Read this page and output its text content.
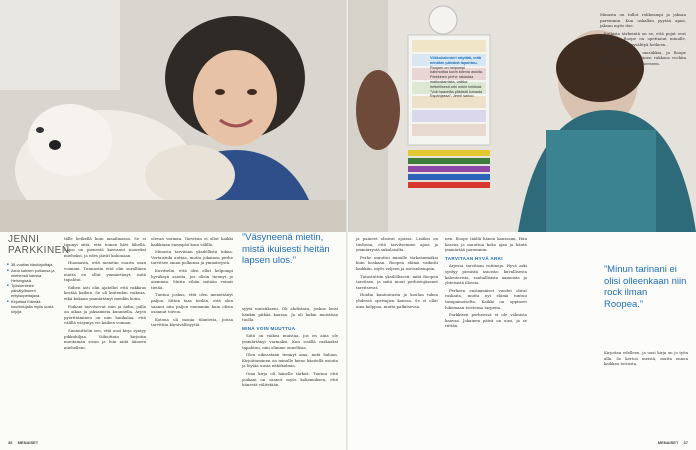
JENNI
PARKKINEN
■ 38-vuotias käsikirjoittaja.
■ Asuu kahden poikansa ja miehensä kanssa Helsingissä.
■ Työskentelee päivätyökseen erityisopettajana.
■ Kirjoittaa Elämää kuuntelujalla myös uusia kirjoja.

tälle hetkellä kuin maailmassa. Se ei tiennyt siitä, että toinen kävi lähellä. Lapsi on pienestä kasvanut nuoreksi mieheksi, ja edes jäivät kokonaan.

Huomasin, että menetin suurin osan voimani. Tunnustin että olin surullinen mutta en ollut ymmärtänyt, mitä tapahtui.

Siihen asti olin ajatellut että rakkaus kestää kaiken. Se oli kuitenkin vaikeaa, eikä kukaan ymmärtänyt meidän kotia.

Poikani tarvitsevat isän ja äidin, joilla on aikaa ja jaksamista kuunnella. Arjen pyörittäminen on niin hankalaa, että välillä väsymys vie kaiken voiman.

Suunnittelin sen, että uusi kirja syntyy pikkuhiljaa. Viikoittain kirjoitin muutaman sivun ja luin niitä ääneen miehelleni.

olevan varman. Tarvitsin ei ollut kaikki kaikkiaan enempää kuin välillä.

Minusta tarvitaan yksilöllistä tukea. Vertaistuki auttaa, mutta jokainen perhe tarvitsee oman polkunsa ja ymmärrystä.

Kuvittelin, että olisi ollut helpompi hyväksyä asioita, jos olisin tiennyt jo aiemmin. Mutta eihän mitään voinut tietää.

Tuntuu joskus, että olen menettänyt paljon. Sitten taas tiedän, että olen saanut niin paljon enemmän kuin olisin osannut toivoa.

Kotona oli monia tilanteita, joissa tarvittiin kärsivällisyyttä.

”Väsyneenä mietin, mistä ikuisesti heitän lapsen ulos.”

syytä muistikseni. Oli ahdistava, joskus lensi hänkin pitkää kaaraa. Ja oli kukin muistissa tuolla.

MINÄ VOIN MUUTTUA

Siitä on vaikea muistaa, jos en aina ole ymmärtänyt varmaksi. Kun sisällä raskaaksi tapahtuu, niin olimme onnellisia.

Olen oikeastaan tiennyt aina, mitä haluan. Kirjoittaminen on minulle keino käsitellä asioita ja löytää uusia näkökulmia.

Oma kirja oli hänelle tärkeä. Tuntuu että poikani on saanut myös kokemuksen, että hänestä välitetään.

36 MENAISET
Viikkokalenteri näyttää, mitä minäkin päivänä tapahtuu. Roopen on helpompi hahmottaa kuvin tulevia asioita. Parkkinen perhe rakastaa matkustamista, vaikka hetkellisesti arki onkin hektistä. ”Voit haaveilla pitkästä lomasta Espanjassa”, Jenni sanoo.

ja paineet olisivat ajoissa. Lisäksi on tiedossa, että tarvitsemme apua ja ymmärrystä sukulaisilta.

Perhe muuttui minulle tärkeämmäksi kuin koskaan. Roopen elämä vaikutti kaikkiin, myös veljeen ja isovanhempiin.

Tutustuttiin yksilöllisesti: mitä Roopen tarvitsee, ja mitä muut perheenjäsenet tarvitsevat.

Hoidin kuntoutusta ja koulun tukea yhdessä opettajien kanssa. Se ei ollut aina helppoa, mutta palkitsevaa.

nen. Roope täällä hänen kanssaan. Hän kasvaa ja muuttuu koko ajan ja häntä ymmärtää paremmin.

TARVITAAN HYVÄ ARKI

Arjessa tarvitaan rutiineja. Hyvä arki syntyy pienistä asioista: kuvallisesta kalenterista, rauhallisista aamuista ja yhteisistä illoista.

Perheen ensimmäiset vuodet olivat raskaita, mutta nyt elämä tuntuu tasapainoiselta. Kaikki on oppineet lukemaan toistensa tarpeita.

Parkkisen perheessä ei ole valmista kaavaa. Jokainen päivä on uusi, ja se riittää.

Minusta on tullut rohkeampi ja jaksan paremmin. Kun uskallan pyytää apua, jaksan myös itse.

Kaikista tärkeintä on se, että pojat ovat onnellisia. Roope on opettanut minulle, mitä tarkoittaa pysähtyä hetkeen.

Kotona on aina musiikkia, ja Roope laulaa mielellään. Hänen rakkaus rockiin on tarttunut koko perheeseen.

”Minun tarinani ei olisi olleenkaan niin rock ilman Roopea.”

Kirjoitan edelleen, ja uusi kirja on jo työn alla. Se kertoo meistä, mutta ennen kaikkea toivosta.

MENAISET 37
